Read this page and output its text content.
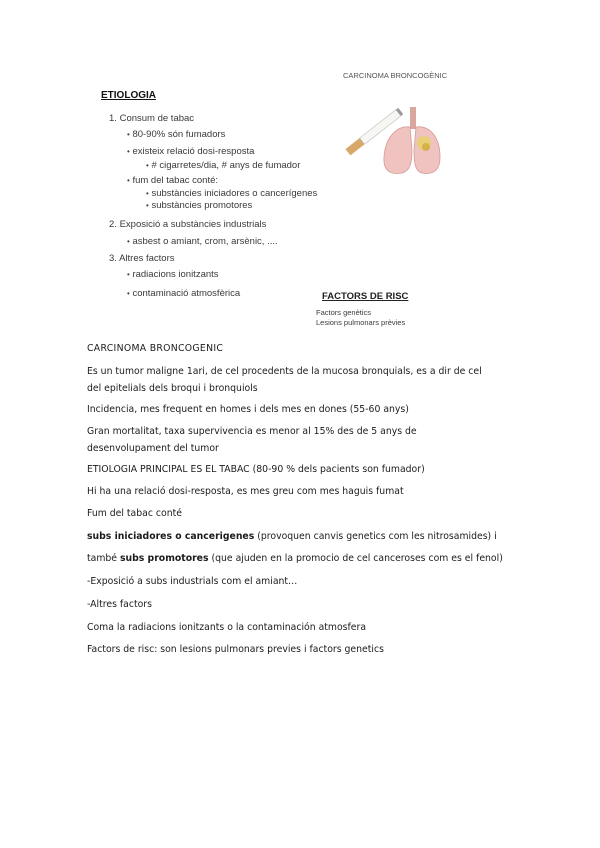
ETIOLOGIA
1. Consum de tabac
• 80-90% són fumadors
• existeix relació dosi-resposta
• # cigarretes/dia, # anys de fumador
• fum del tabac conté:
• substàncies iniciadores o cancerígenes
• substàncies promotores
2. Exposició a substàncies industrials
• asbest o amiant, crom, arsènic, ....
3. Altres factors
• radiacions ionitzants
• contaminació atmosfèrica
CARCINOMA BRONCOGÈNIC
FACTORS DE RISC
Factors genètics
Lesions pulmonars prèvies
CARCINOMA BRONCOGENIC
Es un tumor maligne 1ari, de cel procedents de la mucosa bronquials, es a dir de cel del epitelials dels broqui i bronquiols
Incidencia, mes frequent en homes i dels mes en dones (55-60 anys)
Gran mortalitat, taxa supervivencia es menor al 15% des de 5 anys de desenvolupament del tumor
ETIOLOGIA PRINCIPAL ES EL TABAC (80-90 % dels pacients son fumador)
Hi ha una relació dosi-resposta, es mes greu com mes haguis fumat
Fum del tabac conté
subs iniciadores o cancerigenes (provoquen canvis genetics com les nitrosamides) i
també subs promotores (que ajuden en la promocio de cel canceroses com es el fenol)
-Exposició a subs industrials com el amiant…
-Altres factors
Coma la radiacions ionitzants o la contaminación atmosfera
Factors de risc: son lesions pulmonars previes i factors genetics
